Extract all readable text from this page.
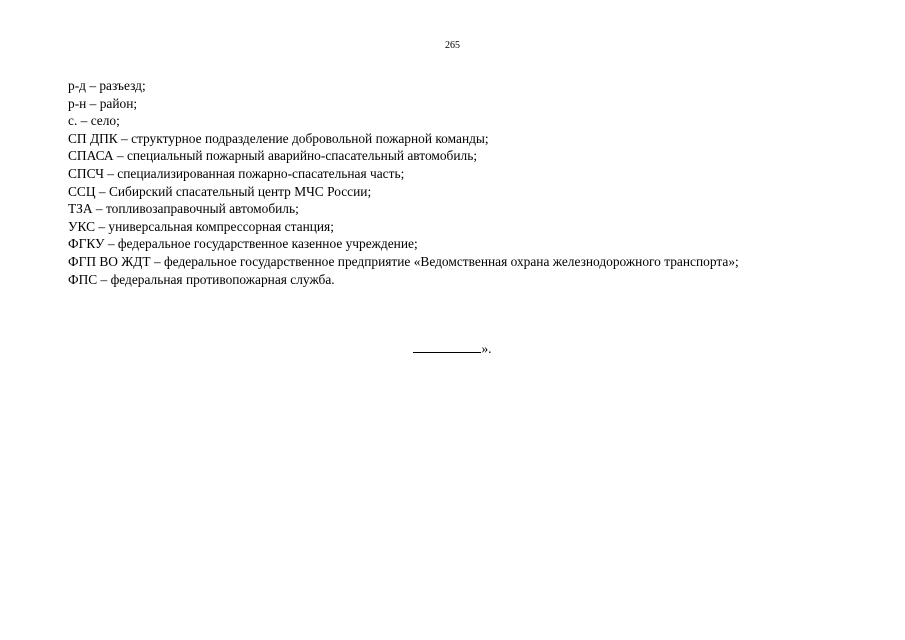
265
р-д – разъезд;
р-н – район;
с. – село;
СП ДПК – структурное подразделение добровольной пожарной команды;
СПАСА – специальный пожарный аварийно-спасательный автомобиль;
СПСЧ – специализированная пожарно-спасательная часть;
ССЦ – Сибирский спасательный центр МЧС России;
ТЗА – топливозаправочный автомобиль;
УКС – универсальная компрессорная станция;
ФГКУ – федеральное государственное казенное учреждение;
ФГП ВО ЖДТ – федеральное государственное предприятие «Ведомственная охрана железнодорожного транспорта»;
ФПС – федеральная противопожарная служба.
».
